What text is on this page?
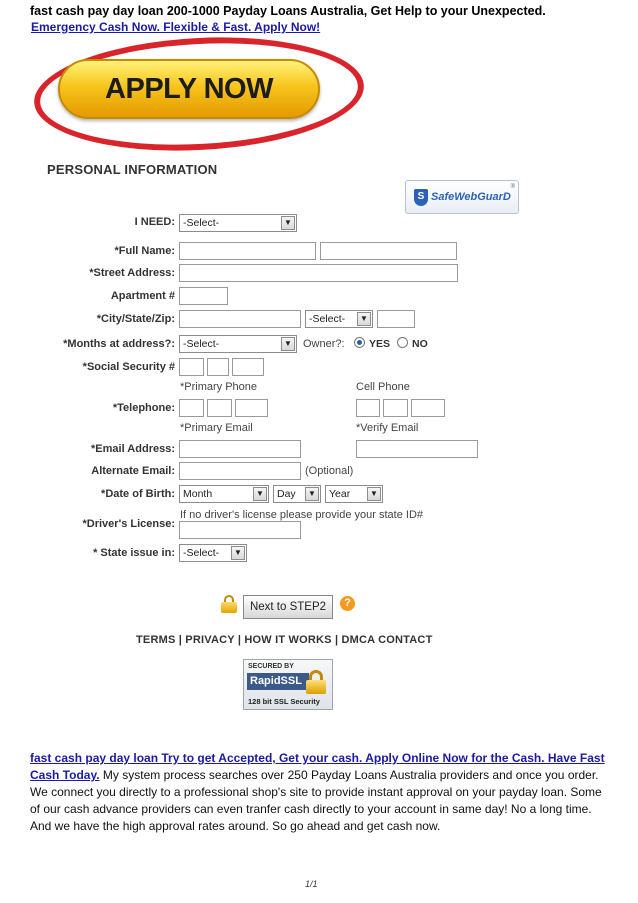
fast cash pay day loan 200-1000 Payday Loans Australia, Get Help to your Unexpected.
Emergency Cash Now. Flexible & Fast. Apply Now!
APPLY NOW
PERSONAL INFORMATION
S SafeWebGuarD
®
I NEED: -Select-	▼
*Full Name:
*Street Address:
Apartment #
*City/State/Zip:	-Select-	▼
*Months at address?: -Select-	▼ Owner?: YES NO
*Social Security #
*Primary Phone	Cell Phone
*Telephone:
*Primary Email	*Verify Email
*Email Address:
Alternate Email:	(Optional)
*Date of Birth: Month	▼	Day	▼	Year	▼
If no driver's license please provide your state ID#
*Driver's License:
* State issue in: -Select-	▼
Next to STEP2	?
TERMS | PRIVACY | HOW IT WORKS | DMCA CONTACT
SECURED BY
RapidSSL
128 bit SSL Security
fast cash pay day loan Try to get Accepted, Get your cash. Apply Online Now for the Cash. Have Fast Cash Today. My system process searches over 250 Payday Loans Australia providers and once you order. We connect you directly to a professional shop's site to provide instant approval on your payday loan. Some of our cash advance providers can even tranfer cash directly to your account in same day! No a long time. And we have the high approval rates around. So go ahead and get cash now.
1/1
